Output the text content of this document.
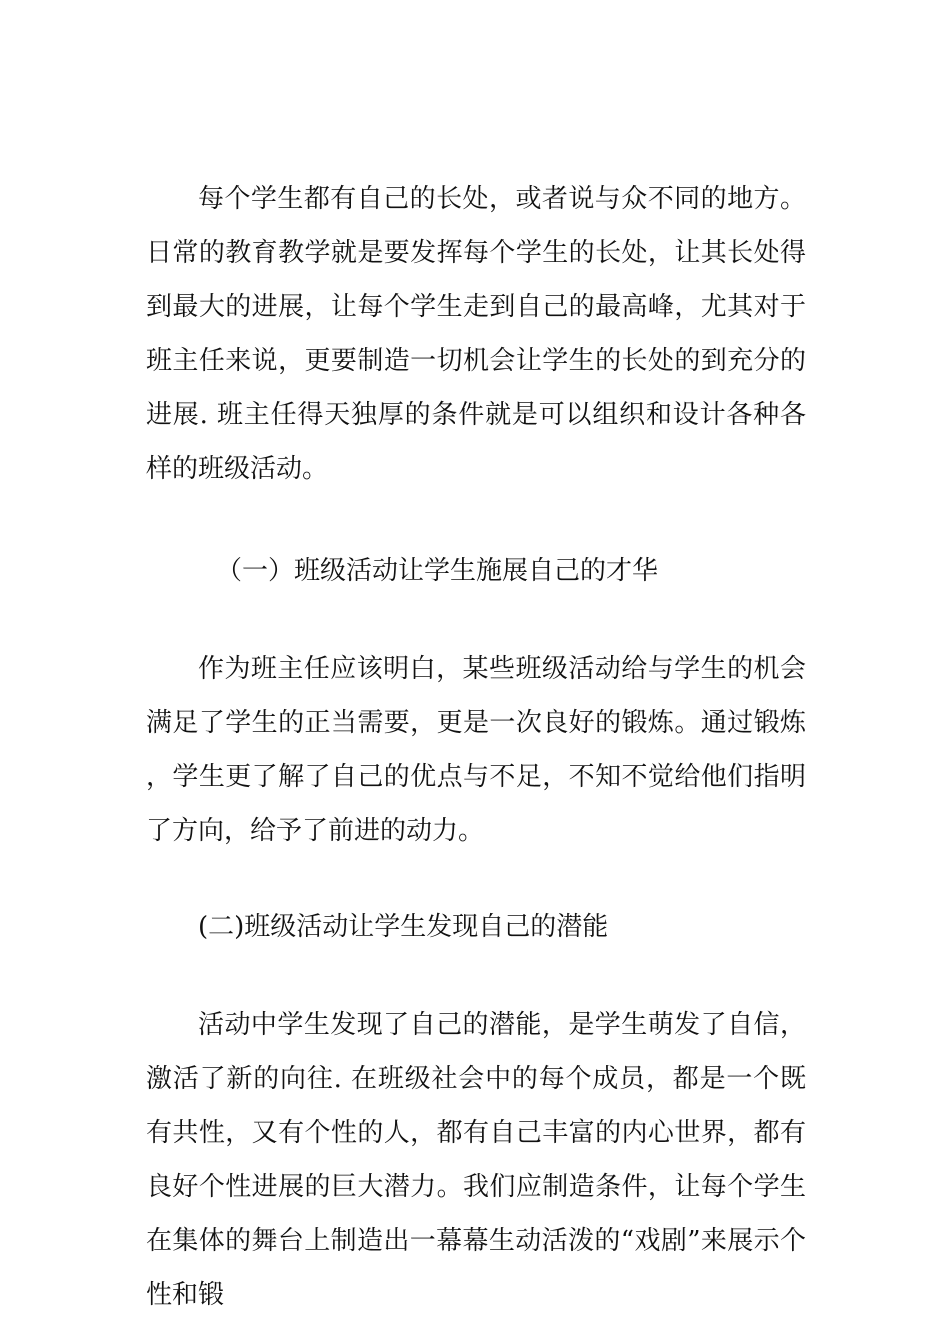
每个学生都有自己的长处，或者说与众不同的地方。日常的教育教学就是要发挥每个学生的长处，让其长处得到最大的进展，让每个学生走到自己的最高峰，尤其对于班主任来说，更要制造一切机会让学生的长处的到充分的进展. 班主任得天独厚的条件就是可以组织和设计各种各样的班级活动。

（一）班级活动让学生施展自己的才华

作为班主任应该明白，某些班级活动给与学生的机会满足了学生的正当需要，更是一次良好的锻炼。通过锻炼，学生更了解了自己的优点与不足，不知不觉给他们指明了方向，给予了前进的动力。

(二)班级活动让学生发现自己的潜能

活动中学生发现了自己的潜能，是学生萌发了自信，激活了新的向往. 在班级社会中的每个成员，都是一个既有共性，又有个性的人，都有自己丰富的内心世界，都有良好个性进展的巨大潜力。我们应制造条件，让每个学生在集体的舞台上制造出一幕幕生动活泼的“戏剧”来展示个性和锻
